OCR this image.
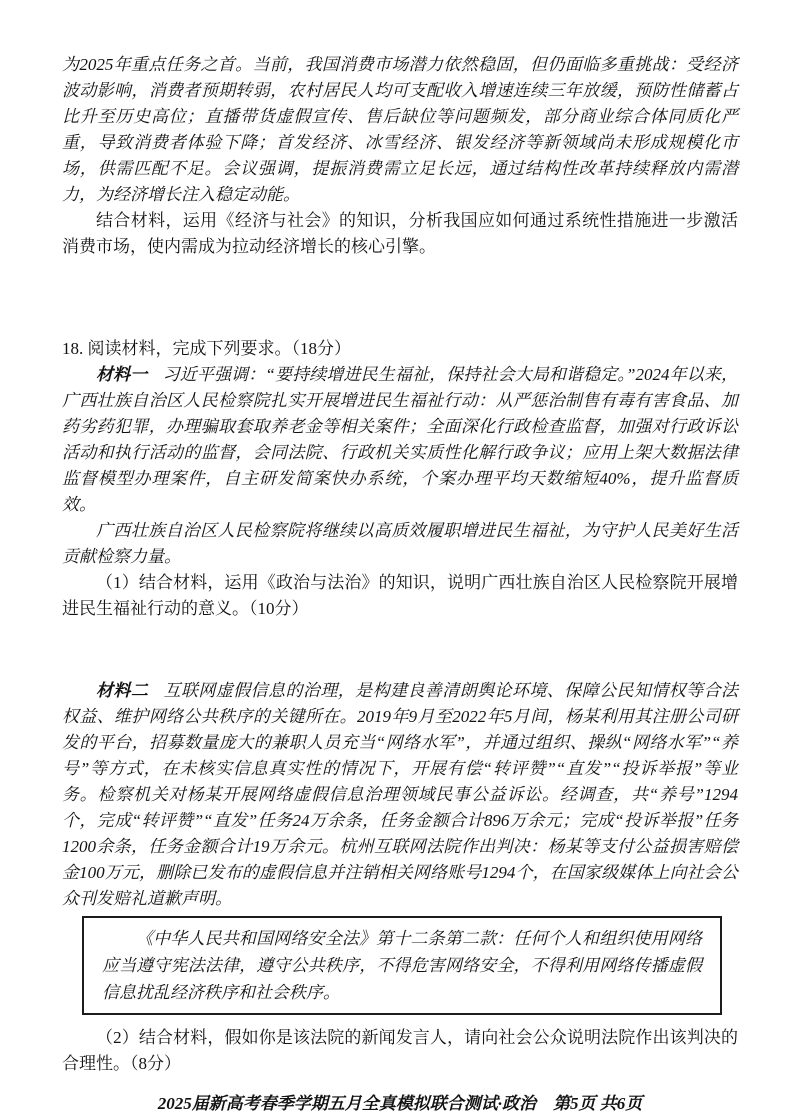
为2025年重点任务之首。当前，我国消费市场潜力依然稳固，但仍面临多重挑战：受经济波动影响，消费者预期转弱，农村居民人均可支配收入增速连续三年放缓，预防性储蓄占比升至历史高位；直播带货虚假宣传、售后缺位等问题频发，部分商业综合体同质化严重，导致消费者体验下降；首发经济、冰雪经济、银发经济等新领域尚未形成规模化市场，供需匹配不足。会议强调，提振消费需立足长远，通过结构性改革持续释放内需潜力，为经济增长注入稳定动能。

结合材料，运用《经济与社会》的知识，分析我国应如何通过系统性措施进一步激活消费市场，使内需成为拉动经济增长的核心引擎。

18. 阅读材料，完成下列要求。（18分）

材料一 习近平强调：“要持续增进民生福祉，保持社会大局和谐稳定。”2024年以来，广西壮族自治区人民检察院扎实开展增进民生福祉行动：从严惩治制售有毒有害食品、加药劣药犯罪，办理骗取套取养老金等相关案件；全面深化行政检查监督，加强对行政诉讼活动和执行活动的监督，会同法院、行政机关实质性化解行政争议；应用上架大数据法律监督模型办理案件，自主研发简案快办系统，个案办理平均天数缩短40%，提升监督质效。

广西壮族自治区人民检察院将继续以高质效履职增进民生福祉，为守护人民美好生活贡献检察力量。

（1）结合材料，运用《政治与法治》的知识，说明广西壮族自治区人民检察院开展增进民生福祉行动的意义。（10分）

材料二 互联网虚假信息的治理，是构建良善清朗舆论环境、保障公民知情权等合法权益、维护网络公共秩序的关键所在。2019年9月至2022年5月间，杨某利用其注册公司研发的平台，招募数量庞大的兼职人员充当“网络水军”，并通过组织、操纵“网络水军”“养号”等方式，在未核实信息真实性的情况下，开展有偿“转评赞”“直发”“投诉举报”等业务。检察机关对杨某开展网络虚假信息治理领域民事公益诉讼。经调查，共“养号”1294个，完成“转评赞”“直发”任务24万余条，任务金额合计896万余元；完成“投诉举报”任务1200余条，任务金额合计19万余元。杭州互联网法院作出判决：杨某等支付公益损害赔偿金100万元，删除已发布的虚假信息并注销相关网络账号1294个，在国家级媒体上向社会公众刊发赔礼道歉声明。

《中华人民共和国网络安全法》第十二条第二款：任何个人和组织使用网络应当遵守宪法法律，遵守公共秩序，不得危害网络安全，不得利用网络传播虚假信息扰乱经济秩序和社会秩序。

（2）结合材料，假如你是该法院的新闻发言人，请向社会公众说明法院作出该判决的合理性。（8分）

2025届新高考春季学期五月全真模拟联合测试·政治　第5页 共6页
